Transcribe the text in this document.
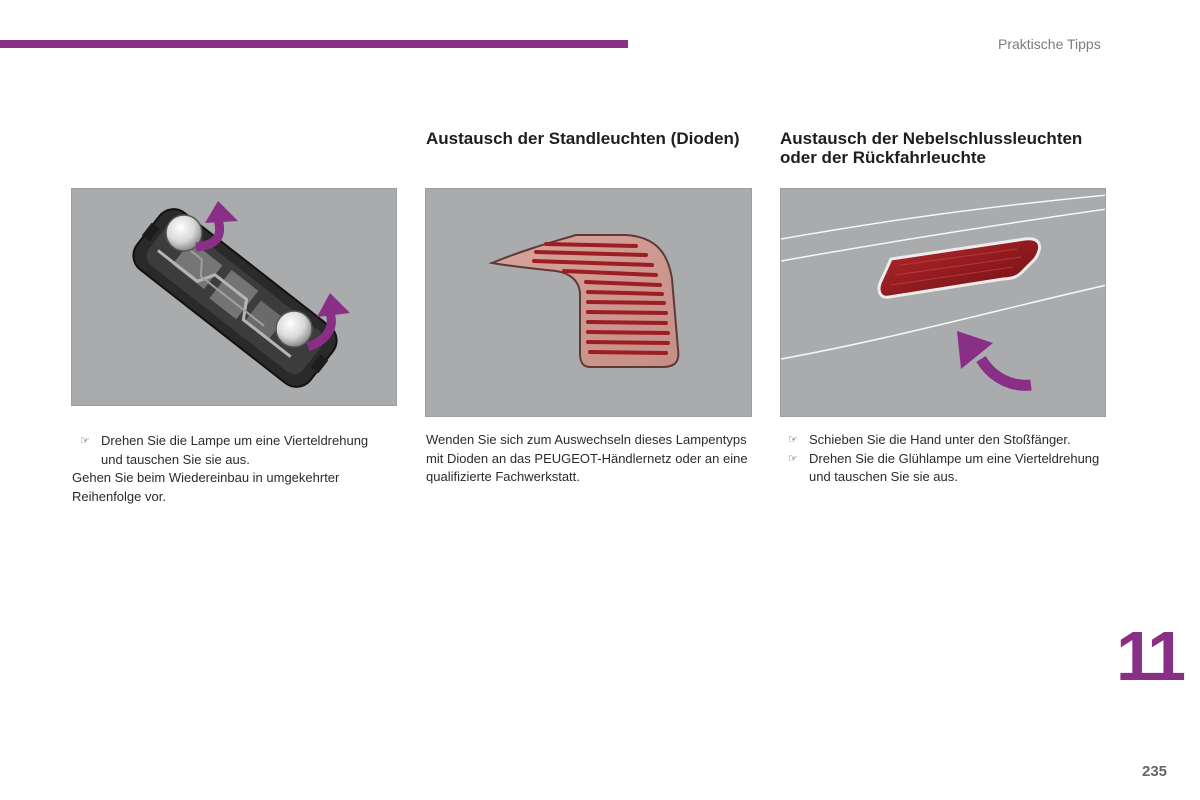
Praktische Tipps
☞ Drehen Sie die Lampe um eine Vierteldrehung und tauschen Sie sie aus.
Gehen Sie beim Wiedereinbau in umgekehrter Reihenfolge vor.
Austausch der Standleuchten (Dioden)
Wenden Sie sich zum Auswechseln dieses Lampentyps mit Dioden an das PEUGEOT-Händlernetz oder an eine qualifizierte Fachwerkstatt.
Austausch der Nebelschlussleuchten oder der Rückfahrleuchte
☞ Schieben Sie die Hand unter den Stoßfänger.
☞ Drehen Sie die Glühlampe um eine Vierteldrehung und tauschen Sie sie aus.
11
235
